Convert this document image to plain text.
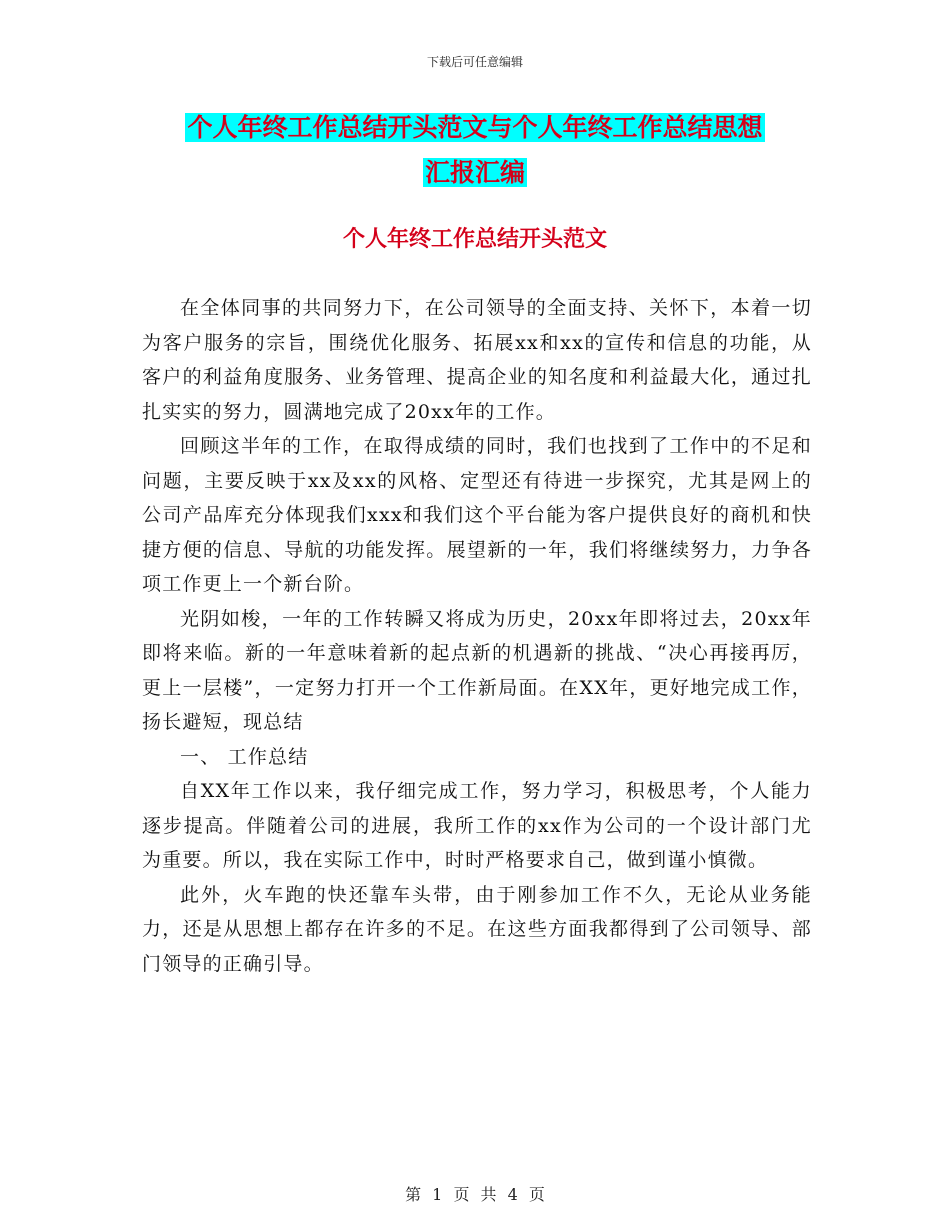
下载后可任意编辑
个人年终工作总结开头范文与个人年终工作总结思想
汇报汇编
个人年终工作总结开头范文

在全体同事的共同努力下，在公司领导的全面支持、关怀下，本着一切为客户服务的宗旨，围绕优化服务、拓展xx和xx的宣传和信息的功能，从客户的利益角度服务、业务管理、提高企业的知名度和利益最大化，通过扎扎实实的努力，圆满地完成了20xx年的工作。

回顾这半年的工作，在取得成绩的同时，我们也找到了工作中的不足和问题，主要反映于xx及xx的风格、定型还有待进一步探究，尤其是网上的公司产品库充分体现我们xxx和我们这个平台能为客户提供良好的商机和快捷方便的信息、导航的功能发挥。展望新的一年，我们将继续努力，力争各项工作更上一个新台阶。

光阴如梭，一年的工作转瞬又将成为历史，20xx年即将过去，20xx年即将来临。新的一年意味着新的起点新的机遇新的挑战、“决心再接再厉，更上一层楼”，一定努力打开一个工作新局面。在XX年，更好地完成工作，扬长避短，现总结

一、 工作总结

自XX年工作以来，我仔细完成工作，努力学习，积极思考，个人能力逐步提高。伴随着公司的进展，我所工作的xx作为公司的一个设计部门尤为重要。所以，我在实际工作中，时时严格要求自己，做到谨小慎微。

此外，火车跑的快还靠车头带，由于刚参加工作不久，无论从业务能力，还是从思想上都存在许多的不足。在这些方面我都得到了公司领导、部门领导的正确引导。

第 1 页 共 4 页
